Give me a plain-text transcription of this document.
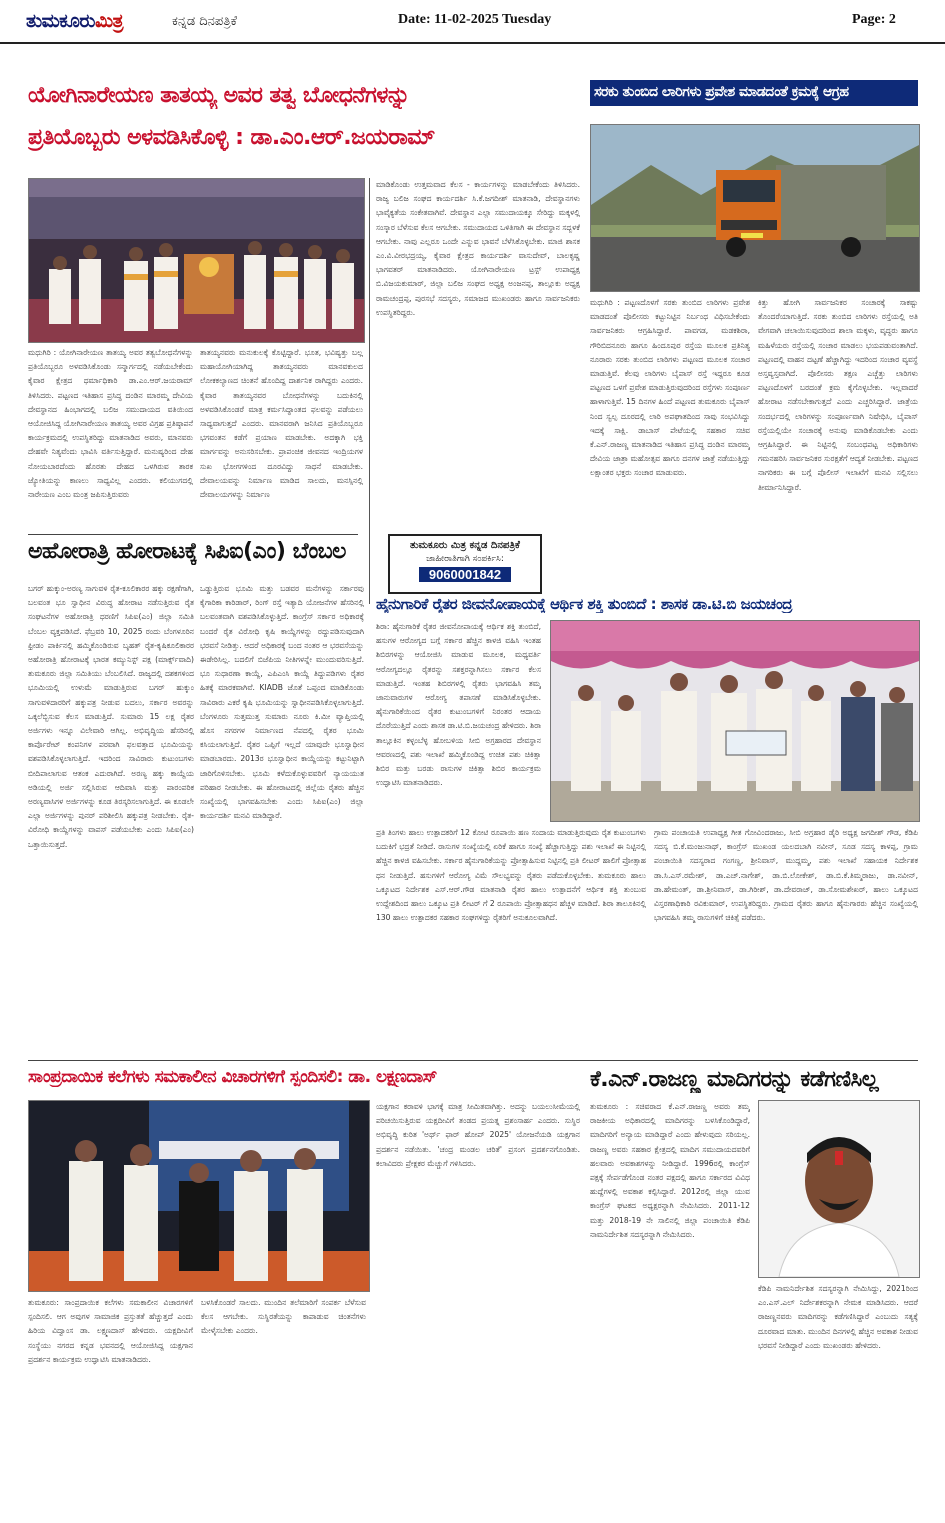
ತುಮಕೂರುಮಿತ್ರ	ಕನ್ನಡ ದಿನಪತ್ರಿಕೆ	Date: 11-02-2025 Tuesday	Page: 2
ಯೋಗಿನಾರೇಯಣ ತಾತಯ್ಯ ಅವರ ತತ್ವ ಬೋಧನೆಗಳನ್ನು
ಪ್ರತಿಯೊಬ್ಬರು ಅಳವಡಿಸಿಕೊಳ್ಳಿ : ಡಾ.ಎಂ.ಆರ್.ಜಯರಾಮ್
ಮಧುಗಿರಿ : ಯೋಗಿನಾರೇಯಣ ತಾತಯ್ಯ ಅವರ ತತ್ವಬೋಧನೆಗಳನ್ನು ಪ್ರತಿಯೊಬ್ಬರೂ ಅಳವಡಿಸಿಕೊಂಡು ಸನ್ಮಾರ್ಗದಲ್ಲಿ ನಡೆಯಬೇಕೆಂದು ಕೈವಾರ ಕ್ಷೇತ್ರದ ಧರ್ಮಾಧಿಕಾರಿ ಡಾ.ಎಂ.ಆರ್.ಜಯರಾಮ್ ತಿಳಿಸಿದರು. ಪಟ್ಟಣದ ಇತಿಹಾಸ ಪ್ರಸಿದ್ಧ ದಂಡಿನ ಮಾರಮ್ಮ ದೇವಿಯ ದೇವಸ್ಥಾನದ ಹಿಂಭಾಗದಲ್ಲಿ ಬಲಿಜ ಸಮುದಾಯದ ವತಿಯಿಂದ ಆಯೋಜಿಸಿದ್ದ ಯೋಗಿನಾರೇಯಣ ತಾತಯ್ಯ ಅವರ ವಿಗ್ರಹ ಪ್ರತಿಷ್ಠಾಪನೆ ಕಾರ್ಯಕ್ರಮದಲ್ಲಿ ಉಪಸ್ಥಿತರಿದ್ದು ಮಾತನಾಡಿದ ಅವರು, ಮಾನವರು ದೇಹವೇ ನಿತ್ಯವೆಂದು ಭಾವಿಸಿ ವರ್ತಿಸುತ್ತಿದ್ದಾರೆ. ಮನುಷ್ಯರಿಂದ ದೇಹ ನೋಯಬಾರದೆಂದು ಹೊರತು ದೇಹದ ಒಳಗಿರುವ ತಾರಕ ಜ್ಯೋತಿಯನ್ನು ಕಾಣಲು ಸಾಧ್ಯವಿಲ್ಲ ಎಂದರು. ಕಲಿಯುಗದಲ್ಲಿ ನಾರೇಯಣ ಎಂಬ ಮಂತ್ರ ಜಪಿಸುತ್ತಿರುವರು
ತಾತಯ್ಯನವರು ಮನುಕುಲಕ್ಕೆ ಕೊಟ್ಟಿದ್ದಾರೆ. ಭೂತ, ಭವಿಷ್ಯತ್ತು ಬಲ್ಲ ಮಹಾಯೋಗಿಯಾಗಿದ್ದ ತಾತಯ್ಯನವರು ಮಾನವಕುಲದ ಲೋಕಕಲ್ಯಾಣದ ಚಿಂತನೆ ಹೊಂದಿದ್ದ ದಾರ್ಶನಿಕ ರಾಗಿದ್ದರು ಎಂದರು. ಕೈವಾರ ತಾತಯ್ಯನವರ ಬೋಧನೆಗಳನ್ನು ಬದುಕಿನಲ್ಲಿ ಅಳವಡಿಸಿಕೊಂಡರೆ ಮಾತ್ರ ಕರ್ಮಸಿದ್ಧಾಂತದ ಫಲವನ್ನು ಪಡೆಯಲು ಸಾಧ್ಯವಾಗುತ್ತದೆ ಎಂದರು. ಮಾನವರಾಗಿ ಜನಿಸಿದ ಪ್ರತಿಯೊಬ್ಬರೂ ಭಗವಂತನ ಕಡೆಗೆ ಪ್ರಯಾಣ ಮಾಡಬೇಕು. ಅದಕ್ಕಾಗಿ ಭಕ್ತಿ ಮಾರ್ಗವನ್ನು ಅನುಸರಿಸಬೇಕು. ಪ್ರಾಪಂಚಿಕ ಜೀವನದ ಇಂದ್ರಿಯಗಳ ಸುಖ ಭೋಗಗಳಿಂದ ದೂರವಿದ್ದು ಸಾಧನೆ ಮಾಡಬೇಕು. ದೇವಾಲಯವನ್ನು ನಿರ್ಮಾಣ ಮಾಡಿದ ಸಾಲದು, ಮನಸ್ಸಿನಲ್ಲಿ ದೇವಾಲಯಗಳನ್ನು ನಿರ್ಮಾಣ
ಮಾಡಿಕೊಂಡು ಉತ್ತಮವಾದ ಕೆಲಸ - ಕಾರ್ಯಗಳನ್ನು ಮಾಡಬೇಕೆಂದು ತಿಳಿಸಿದರು. ರಾಜ್ಯ ಬಲಿಜ ಸಂಘದ ಕಾರ್ಯದರ್ಶಿ ಸಿ.ಕೆ.ಜಗದೀಶ್ ಮಾತನಾಡಿ, ದೇವಸ್ಥಾನಗಳು ಭಾವೈಕ್ಯತೆಯ ಸಂಕೇತವಾಗಿವೆ. ದೇವಸ್ಥಾನ ಎಲ್ಲಾ ಸಮುದಾಯಕ್ಕೂ ಸೇರಿದ್ದು ಮಕ್ಕಳಲ್ಲಿ ಸಂಸ್ಕಾರ ಬೆಳೆಸುವ ಕೆಲಸ ಆಗಬೇಕು. ಸಮುದಾಯದ ಒಳಿತಿಗಾಗಿ ಈ ದೇವಸ್ಥಾನ ಸದ್ಬಳಕೆ ಆಗಬೇಕು. ನಾವು ಎಲ್ಲರೂ ಒಂದೇ ಎನ್ನುವ ಭಾವನೆ ಬೆಳೆಸಿಕೊಳ್ಳಬೇಕು. ಮಾಜಿ ಶಾಸಕ ಎಂ.ವಿ.ವೀರಭದ್ರಯ್ಯ, ಕೈವಾರ ಕ್ಷೇತ್ರದ ಕಾರ್ಯದರ್ಶಿ ವಾಸುದೇವ್, ಬಾಲಕೃಷ್ಣ ಭಾಗವತರ್ ಮಾತನಾಡಿದರು. ಯೋಗಿನಾರೇಯಣ ಟ್ರಸ್ಟ್ ಉಪಾಧ್ಯಕ್ಷ ಬಿ.ವಿಜಯಕುಮಾರ್, ಜಿಲ್ಲಾ ಬಲಿಜ ಸಂಘದ ಅಧ್ಯಕ್ಷ ಅಂಜನಪ್ಪ, ತಾಲ್ಲೂಕು ಅಧ್ಯಕ್ಷ ರಾಮಚಂದ್ರಪ್ಪ, ಪುರಸಭೆ ಸದಸ್ಯರು, ಸಮಾಜದ ಮುಖಂಡರು ಹಾಗೂ ಸಾರ್ವಜನಿಕರು ಉಪಸ್ಥಿತರಿದ್ದರು.
ಸರಕು ತುಂಬಿದ ಲಾರಿಗಳು ಪ್ರವೇಶ ಮಾಡದಂತೆ ಕ್ರಮಕ್ಕೆ ಆಗ್ರಹ
ಮಧುಗಿರಿ : ಪಟ್ಟಣದೊಳಗೆ ಸರಕು ತುಂಬಿದ ಲಾರಿಗಳು ಪ್ರವೇಶ ಮಾಡದಂತೆ ಪೊಲೀಸರು ಕಟ್ಟುನಿಟ್ಟಿನ ನಿರ್ಬಂಧ ವಿಧಿಸಬೇಕೆಂದು ಸಾರ್ವಜನಿಕರು ಆಗ್ರಹಿಸಿದ್ದಾರೆ. ಪಾವಗಡ, ಮಡಕಶಿರಾ, ಗೌರಿಬಿದನೂರು ಹಾಗೂ ಹಿಂದೂಪುರ ರಸ್ತೆಯ ಮೂಲಕ ಪ್ರತಿನಿತ್ಯ ನೂರಾರು ಸರಕು ತುಂಬಿದ ಲಾರಿಗಳು ಪಟ್ಟಣದ ಮೂಲಕ ಸಂಚಾರ ಮಾಡುತ್ತಿವೆ. ಕೆಲವು ಲಾರಿಗಳು ಬೈಪಾಸ್ ರಸ್ತೆ ಇದ್ದರೂ ಕೂಡ ಪಟ್ಟಣದ ಒಳಗೆ ಪ್ರವೇಶ ಮಾಡುತ್ತಿರುವುದರಿಂದ ರಸ್ತೆಗಳು ಸಂಪೂರ್ಣ ಹಾಳಾಗುತ್ತಿವೆ. 15 ದಿನಗಳ ಹಿಂದೆ ಪಟ್ಟಣದ ತುಮಕೂರು ಬೈಪಾಸ್ ನಿಂದ ಸ್ವಲ್ಪ ದೂರದಲ್ಲಿ ಲಾರಿ ಅಪಘಾತದಿಂದ ಸಾವು ಸಂಭವಿಸಿದ್ದು ಇದಕ್ಕೆ ಸಾಕ್ಷಿ. ಡಾಬಾಸ್ ಪೇಟೆಯಲ್ಲಿ ಸಹಕಾರ ಸಚಿವ ಕೆ.ಎನ್.ರಾಜಣ್ಣ ಮಾತನಾಡಿದ ಇತಿಹಾಸ ಪ್ರಸಿದ್ಧ ದಂಡಿನ ಮಾರಮ್ಮ ದೇವಿಯ ಜಾತ್ರಾ ಮಹೋತ್ಸವ ಹಾಗೂ ದನಗಳ ಜಾತ್ರೆ ನಡೆಯುತ್ತಿದ್ದು ಲಕ್ಷಾಂತರ ಭಕ್ತರು ಸಂಚಾರ ಮಾಡುವರು.
ಕಿತ್ತು ಹೋಗಿ ಸಾರ್ವಜನಿಕರ ಸಂಚಾರಕ್ಕೆ ಸಾಕಷ್ಟು ತೊಂದರೆಯಾಗುತ್ತಿದೆ. ಸರಕು ತುಂಬಿದ ಲಾರಿಗಳು ರಸ್ತೆಯಲ್ಲಿ ಅತಿ ವೇಗವಾಗಿ ಚಲಾಯಿಸುವುದರಿಂದ ಶಾಲಾ ಮಕ್ಕಳು, ವೃದ್ಧರು ಹಾಗೂ ಮಹಿಳೆಯರು ರಸ್ತೆಯಲ್ಲಿ ಸಂಚಾರ ಮಾಡಲು ಭಯಪಡುವಂತಾಗಿದೆ. ಪಟ್ಟಣದಲ್ಲಿ ವಾಹನ ದಟ್ಟಣೆ ಹೆಚ್ಚಾಗಿದ್ದು ಇದರಿಂದ ಸಂಚಾರ ವ್ಯವಸ್ಥೆ ಅಸ್ತವ್ಯಸ್ತವಾಗಿದೆ. ಪೊಲೀಸರು ತಕ್ಷಣ ಎಚ್ಚೆತ್ತು ಲಾರಿಗಳು ಪಟ್ಟಣದೊಳಗೆ ಬರದಂತೆ ಕ್ರಮ ಕೈಗೊಳ್ಳಬೇಕು. ಇಲ್ಲವಾದರೆ ಹೋರಾಟ ನಡೆಸಬೇಕಾಗುತ್ತದೆ ಎಂದು ಎಚ್ಚರಿಸಿದ್ದಾರೆ. ಜಾತ್ರೆಯ ಸಂದರ್ಭದಲ್ಲಿ ಲಾರಿಗಳನ್ನು ಸಂಪೂರ್ಣವಾಗಿ ನಿಷೇಧಿಸಿ, ಬೈಪಾಸ್ ರಸ್ತೆಯಲ್ಲಿಯೇ ಸಂಚಾರಕ್ಕೆ ಅನುವು ಮಾಡಿಕೊಡಬೇಕು ಎಂದು ಆಗ್ರಹಿಸಿದ್ದಾರೆ. ಈ ನಿಟ್ಟಿನಲ್ಲಿ ಸಂಬಂಧಪಟ್ಟ ಅಧಿಕಾರಿಗಳು ಗಮನಹರಿಸಿ ಸಾರ್ವಜನಿಕರ ಸುರಕ್ಷತೆಗೆ ಆದ್ಯತೆ ನೀಡಬೇಕು. ಪಟ್ಟಣದ ನಾಗರಿಕರು ಈ ಬಗ್ಗೆ ಪೊಲೀಸ್ ಇಲಾಖೆಗೆ ಮನವಿ ಸಲ್ಲಿಸಲು ತೀರ್ಮಾನಿಸಿದ್ದಾರೆ.
ಅಹೋರಾತ್ರಿ ಹೋರಾಟಕ್ಕೆ ಸಿಪಿಐ(ಎಂ) ಬೆಂಬಲ
ಬಗರ್ ಹುಕ್ಕುಂ-ಅರಣ್ಯ ಸಾಗುವಳಿ ರೈತ-ಕೂಲಿಕಾರರ ಹಕ್ಕು ರಕ್ಷಣೆಗಾಗಿ, ಬಲವಂತ ಭೂ ಸ್ವಾಧೀನ ವಿರುದ್ಧ ಹೋರಾಟ ನಡೆಸುತ್ತಿರುವ ರೈತ ಸಂಘಟನೆಗಳ ಅಹೋರಾತ್ರಿ ಧರಣಿಗೆ ಸಿಪಿಐ(ಎಂ) ಜಿಲ್ಲಾ ಸಮಿತಿ ಬೆಂಬಲ ವ್ಯಕ್ತಪಡಿಸಿದೆ. ಫೆಬ್ರವರಿ 10, 2025 ರಂದು ಬೆಂಗಳೂರಿನ ಫ್ರೀಡಂ ಪಾರ್ಕಿನಲ್ಲಿ ಹಮ್ಮಿಕೊಂಡಿರುವ ಬೃಹತ್ ರೈತ-ಕೃಷಿಕೂಲಿಕಾರರ ಅಹೋರಾತ್ರಿ ಹೋರಾಟಕ್ಕೆ ಭಾರತ ಕಮ್ಯುನಿಸ್ಟ್ ಪಕ್ಷ (ಮಾರ್ಕ್ಸ್‌ವಾದಿ) ತುಮಕೂರು ಜಿಲ್ಲಾ ಸಮಿತಿಯು ಬೆಂಬಲಿಸಿದೆ. ರಾಜ್ಯದಲ್ಲಿ ದಶಕಗಳಿಂದ ಭೂಮಿಯಲ್ಲಿ ಉಳುಮೆ ಮಾಡುತ್ತಿರುವ ಬಗರ್ ಹುಕ್ಕುಂ ಸಾಗುವಳಿದಾರರಿಗೆ ಹಕ್ಕುಪತ್ರ ನೀಡುವ ಬದಲು, ಸರ್ಕಾರ ಅವರನ್ನು ಒಕ್ಕಲೆಬ್ಬಿಸುವ ಕೆಲಸ ಮಾಡುತ್ತಿದೆ. ಸುಮಾರು 15 ಲಕ್ಷ ರೈತರ ಅರ್ಜಿಗಳು ಇನ್ನೂ ವಿಲೇವಾರಿ ಆಗಿಲ್ಲ. ಅಭಿವೃದ್ಧಿಯ ಹೆಸರಿನಲ್ಲಿ ಕಾರ್ಪೊರೇಟ್ ಕಂಪನಿಗಳ ಪರವಾಗಿ ಫಲವತ್ತಾದ ಭೂಮಿಯನ್ನು ವಶಪಡಿಸಿಕೊಳ್ಳಲಾಗುತ್ತಿದೆ. ಇದರಿಂದ ಸಾವಿರಾರು ಕುಟುಂಬಗಳು ಬೀದಿಪಾಲಾಗುವ ಆತಂಕ ಎದುರಾಗಿದೆ. ಅರಣ್ಯ ಹಕ್ಕು ಕಾಯ್ದೆಯ ಅಡಿಯಲ್ಲಿ ಅರ್ಜಿ ಸಲ್ಲಿಸಿರುವ ಆದಿವಾಸಿ ಮತ್ತು ಪಾರಂಪರಿಕ ಅರಣ್ಯವಾಸಿಗಳ ಅರ್ಜಿಗಳನ್ನು ಕೂಡ ತಿರಸ್ಕರಿಸಲಾಗುತ್ತಿದೆ. ಈ ಕೂಡಲೇ ಎಲ್ಲಾ ಅರ್ಜಿಗಳನ್ನು ಪುನರ್ ಪರಿಶೀಲಿಸಿ ಹಕ್ಕುಪತ್ರ ನೀಡಬೇಕು. ರೈತ-ವಿರೋಧಿ ಕಾಯ್ದೆಗಳನ್ನು ವಾಪಸ್ ಪಡೆಯಬೇಕು ಎಂದು ಸಿಪಿಐ(ಎಂ) ಒತ್ತಾಯಿಸುತ್ತದೆ.
ಒಡ್ಡುತ್ತಿರುವ ಭೂಮಿ ಮತ್ತು ಬಡವರ ಮನೆಗಳನ್ನು ಸರ್ಕಾರವು ಕೈಗಾರಿಕಾ ಕಾರಿಡಾರ್, ರಿಂಗ್ ರಸ್ತೆ ಇತ್ಯಾದಿ ಯೋಜನೆಗಳ ಹೆಸರಿನಲ್ಲಿ ಬಲವಂತವಾಗಿ ವಶಪಡಿಸಿಕೊಳ್ಳುತ್ತಿದೆ. ಕಾಂಗ್ರೆಸ್ ಸರ್ಕಾರ ಅಧಿಕಾರಕ್ಕೆ ಬಂದರೆ ರೈತ ವಿರೋಧಿ ಕೃಷಿ ಕಾಯ್ದೆಗಳನ್ನು ರದ್ದುಪಡಿಸುವುದಾಗಿ ಭರವಸೆ ನೀಡಿತ್ತು. ಆದರೆ ಅಧಿಕಾರಕ್ಕೆ ಬಂದ ನಂತರ ಆ ಭರವಸೆಯನ್ನು ಈಡೇರಿಸಿಲ್ಲ. ಬದಲಿಗೆ ಬಿಜೆಪಿಯ ನೀತಿಗಳನ್ನೇ ಮುಂದುವರಿಸುತ್ತಿದೆ. ಭೂ ಸುಧಾರಣಾ ಕಾಯ್ದೆ, ಎಪಿಎಂಸಿ ಕಾಯ್ದೆ ತಿದ್ದುಪಡಿಗಳು ರೈತರ ಹಿತಕ್ಕೆ ಮಾರಕವಾಗಿವೆ. KIADB ಜೊತೆ ಒಪ್ಪಂದ ಮಾಡಿಕೊಂಡು ಸಾವಿರಾರು ಎಕರೆ ಕೃಷಿ ಭೂಮಿಯನ್ನು ಸ್ವಾಧೀನಪಡಿಸಿಕೊಳ್ಳಲಾಗುತ್ತಿದೆ. ಬೆಂಗಳೂರು ಸುತ್ತಮುತ್ತ ಸುಮಾರು ನೂರು ಕಿ.ಮೀ ವ್ಯಾಪ್ತಿಯಲ್ಲಿ ಹೊಸ ನಗರಗಳ ನಿರ್ಮಾಣದ ನೆಪದಲ್ಲಿ ರೈತರ ಭೂಮಿ ಕಸಿಯಲಾಗುತ್ತಿದೆ. ರೈತರ ಒಪ್ಪಿಗೆ ಇಲ್ಲದೆ ಯಾವುದೇ ಭೂಸ್ವಾಧೀನ ಮಾಡಬಾರದು. 2013ರ ಭೂಸ್ವಾಧೀನ ಕಾಯ್ದೆಯನ್ನು ಕಟ್ಟುನಿಟ್ಟಾಗಿ ಜಾರಿಗೊಳಿಸಬೇಕು. ಭೂಮಿ ಕಳೆದುಕೊಳ್ಳುವವರಿಗೆ ನ್ಯಾಯಯುತ ಪರಿಹಾರ ನೀಡಬೇಕು. ಈ ಹೋರಾಟದಲ್ಲಿ ಜಿಲ್ಲೆಯ ರೈತರು ಹೆಚ್ಚಿನ ಸಂಖ್ಯೆಯಲ್ಲಿ ಭಾಗವಹಿಸಬೇಕು ಎಂದು ಸಿಪಿಐ(ಎಂ) ಜಿಲ್ಲಾ ಕಾರ್ಯದರ್ಶಿ ಮನವಿ ಮಾಡಿದ್ದಾರೆ.
ತುಮಕೂರು ಮಿತ್ರ ಕನ್ನಡ ದಿನಪತ್ರಿಕೆ
ಜಾಹೀರಾತಿಗಾಗಿ ಸಂಪರ್ಕಿಸಿ:
9060001842
ಹೈನುಗಾರಿಕೆ ರೈತರ ಜೀವನೋಪಾಯಕ್ಕೆ ಆರ್ಥಿಕ ಶಕ್ತಿ ತುಂಬಿದೆ : ಶಾಸಕ ಡಾ.ಟಿ.ಬಿ ಜಯಚಂದ್ರ
ಶಿರಾ: ಹೈನುಗಾರಿಕೆ ರೈತರ ಜೀವನೋಪಾಯಕ್ಕೆ ಆರ್ಥಿಕ ಶಕ್ತಿ ತುಂಬಿದೆ, ಹಸುಗಳ ಆರೋಗ್ಯದ ಬಗ್ಗೆ ಸರ್ಕಾರ ಹೆಚ್ಚಿನ ಕಾಳಜಿ ವಹಿಸಿ ಇಂತಹ ಶಿಬಿರಗಳನ್ನು ಆಯೋಜಿಸಿ ಮಾಡುವ ಮೂಲಕ, ಮಧ್ಯವರ್ತಿ ಆರೋಗ್ಯದಲ್ಲೂ ರೈತರನ್ನು ಸಶಕ್ತರನ್ನಾಗಿಸಲು ಸರ್ಕಾರ ಕೆಲಸ ಮಾಡುತ್ತಿದೆ. ಇಂತಹ ಶಿಬಿರಗಳಲ್ಲಿ ರೈತರು ಭಾಗವಹಿಸಿ ತಮ್ಮ ಜಾನುವಾರುಗಳ ಆರೋಗ್ಯ ತಪಾಸಣೆ ಮಾಡಿಸಿಕೊಳ್ಳಬೇಕು. ಹೈನುಗಾರಿಕೆಯಿಂದ ರೈತರ ಕುಟುಂಬಗಳಿಗೆ ನಿರಂತರ ಆದಾಯ ದೊರೆಯುತ್ತಿದೆ ಎಂದು ಶಾಸಕ ಡಾ.ಟಿ.ಬಿ.ಜಯಚಂದ್ರ ಹೇಳಿದರು. ಶಿರಾ ತಾಲ್ಲೂಕಿನ ಕಳ್ಳಂಬೆಳ್ಳ ಹೋಬಳಿಯ ಸೀಬಿ ಅಗ್ರಹಾರದ ದೇವಸ್ಥಾನ ಆವರಣದಲ್ಲಿ ಪಶು ಇಲಾಖೆ ಹಮ್ಮಿಕೊಂಡಿದ್ದ ಉಚಿತ ಪಶು ಚಿಕಿತ್ಸಾ ಶಿಬಿರ ಮತ್ತು ಬರಡು ರಾಸುಗಳ ಚಿಕಿತ್ಸಾ ಶಿಬಿರ ಕಾರ್ಯಕ್ರಮ ಉದ್ಘಾಟಿಸಿ ಮಾತನಾಡಿದರು.
ಪ್ರತಿ ತಿಂಗಳು ಹಾಲು ಉತ್ಪಾದಕರಿಗೆ 12 ಕೋಟಿ ರೂಪಾಯಿ ಹಣ ಸಂದಾಯ ಮಾಡುತ್ತಿರುವುದು ರೈತ ಕುಟುಂಬಗಳು ಬದುಕಿಗೆ ಭದ್ರತೆ ನೀಡಿದೆ. ರಾಸುಗಳ ಸಂಖ್ಯೆಯಲ್ಲಿ ಏರಿಕೆ ಹಾಗೂ ಸಂಖ್ಯೆ ಹೆಚ್ಚಾಗುತ್ತಿದ್ದು ಪಶು ಇಲಾಖೆ ಈ ನಿಟ್ಟಿನಲ್ಲಿ ಹೆಚ್ಚಿನ ಕಾಳಜಿ ವಹಿಸಬೇಕು. ಸರ್ಕಾರ ಹೈನುಗಾರಿಕೆಯನ್ನು ಪ್ರೋತ್ಸಾಹಿಸುವ ನಿಟ್ಟಿನಲ್ಲಿ ಪ್ರತಿ ಲೀಟರ್ ಹಾಲಿಗೆ ಪ್ರೋತ್ಸಾಹ ಧನ ನೀಡುತ್ತಿದೆ. ಹಸುಗಳಿಗೆ ಆರೋಗ್ಯ ವಿಮೆ ಸೌಲಭ್ಯವನ್ನು ರೈತರು ಪಡೆದುಕೊಳ್ಳಬೇಕು. ತುಮಕೂರು ಹಾಲು ಒಕ್ಕೂಟದ ನಿರ್ದೇಶಕ ಎಸ್.ಆರ್.ಗೌಡ ಮಾತನಾಡಿ ರೈತರ ಹಾಲು ಉತ್ಪಾದನೆಗೆ ಆರ್ಥಿಕ ಶಕ್ತಿ ತುಂಬುವ ಉದ್ದೇಶದಿಂದ ಹಾಲು ಒಕ್ಕೂಟ ಪ್ರತಿ ಲೀಟರ್ ಗೆ 2 ರೂಪಾಯಿ ಪ್ರೋತ್ಸಾಹಧನ ಹೆಚ್ಚಳ ಮಾಡಿದೆ. ಶಿರಾ ತಾಲೂಕಿನಲ್ಲಿ 130 ಹಾಲು ಉತ್ಪಾದಕರ ಸಹಕಾರ ಸಂಘಗಳಿದ್ದು ರೈತರಿಗೆ ಅನುಕೂಲವಾಗಿದೆ.
ಗ್ರಾಮ ಪಂಚಾಯತಿ ಉಪಾಧ್ಯಕ್ಷ ಗೀತ ಗೋವಿಂದರಾಜು, ಸೀಬಿ ಅಗ್ರಹಾರ ಡೈರಿ ಅಧ್ಯಕ್ಷ ಜಗದೀಶ್ ಗೌಡ, ಕೆಡಿಪಿ ಸದಸ್ಯ ಬಿ.ಕೆ.ಮಂಜುನಾಥ್, ಕಾಂಗ್ರೆಸ್ ಮುಖಂಡ ಯಲದಬಾಗಿ ನವೀನ್, ಸೂಡ ಸದಸ್ಯ ಕಾಳಪ್ಪ, ಗ್ರಾಮ ಪಂಚಾಯಿತಿ ಸದಸ್ಯರಾದ ಗಂಗಣ್ಣ, ಶ್ರೀನಿವಾಸ್, ಮುದ್ದಮ್ಮ, ಪಶು ಇಲಾಖೆ ಸಹಾಯಕ ನಿರ್ದೇಶಕ ಡಾ.ಸಿ.ಎಸ್.ರಮೇಶ್, ಡಾ.ಎಚ್.ನಾಗೇಶ್, ಡಾ.ಬಿ.ಲೋಕೇಶ್, ಡಾ.ಬಿ.ಕೆ.ತಿಮ್ಮರಾಜು, ಡಾ.ನವೀನ್, ಡಾ.ಹೇಮಂತ್, ಡಾ.ಶ್ರೀನಿವಾಸ್, ಡಾ.ಗಿರೀಶ್, ಡಾ.ದೇವರಾಜ್, ಡಾ.ಸೋಮಶೇಖರ್, ಹಾಲು ಒಕ್ಕೂಟದ ವಿಸ್ತರಣಾಧಿಕಾರಿ ರವಿಕುಮಾರ್, ಉಪಸ್ಥಿತರಿದ್ದರು. ಗ್ರಾಮದ ರೈತರು ಹಾಗೂ ಹೈನುಗಾರರು ಹೆಚ್ಚಿನ ಸಂಖ್ಯೆಯಲ್ಲಿ ಭಾಗವಹಿಸಿ ತಮ್ಮ ರಾಸುಗಳಿಗೆ ಚಿಕಿತ್ಸೆ ಪಡೆದರು.
ಸಾಂಪ್ರದಾಯಿಕ ಕಲೆಗಳು ಸಮಕಾಲೀನ ವಿಚಾರಗಳಿಗೆ ಸ್ಪಂದಿಸಲಿ: ಡಾ. ಲಕ್ಷ್ಮಣದಾಸ್
ತುಮಕೂರು: ಸಾಂಪ್ರದಾಯಿಕ ಕಲೆಗಳು ಸಮಕಾಲೀನ ವಿಚಾರಗಳಿಗೆ ಸ್ಪಂದಿಸಲಿ. ಆಗ ಅವುಗಳ ಸಾಮಾಜಿಕ ಪ್ರಸ್ತುತತೆ ಹೆಚ್ಚುತ್ತದೆ ಎಂದು ಹಿರಿಯ ವಿದ್ವಾಂಸ ಡಾ. ಲಕ್ಷ್ಮಣದಾಸ್ ಹೇಳಿದರು. ಯಕ್ಷದೀವಿಗೆ ಸಂಸ್ಥೆಯು ನಗರದ ಕನ್ನಡ ಭವನದಲ್ಲಿ ಆಯೋಜಿಸಿದ್ದ ಯಕ್ಷಗಾನ ಪ್ರದರ್ಶನ ಕಾರ್ಯಕ್ರಮ ಉದ್ಘಾಟಿಸಿ ಮಾತನಾಡಿದರು.
ಬಳಸಿಕೊಂಡರೆ ಸಾಲದು. ಮುಂದಿನ ತಲೆಮಾರಿಗೆ ಸಂಪರ್ಕ ಬೆಳೆಸುವ ಕೆಲಸ ಆಗಬೇಕು. ಸುಸ್ಥಿರತೆಯನ್ನು ಕಾಪಾಡುವ ಚಿಂತನೆಗಳು ಮೇಳೈಸಬೇಕು ಎಂದರು.
ಯಕ್ಷಗಾನ ಕರಾವಳಿ ಭಾಗಕ್ಕೆ ಮಾತ್ರ ಸೀಮಿತವಾಗಿತ್ತು. ಅದನ್ನು ಬಯಲುಸೀಮೆಯಲ್ಲಿ ಪರಿಚಯಿಸುತ್ತಿರುವ ಯಕ್ಷದೀವಿಗೆ ತಂಡದ ಪ್ರಯತ್ನ ಪ್ರಶಂಸಾರ್ಹ ಎಂದರು. ಸುಸ್ಥಿರ ಅಭಿವೃದ್ಧಿ ಕುರಿತ 'ಅರ್ಥ್ ಫಾರ್ ಹೋಪ್ 2025' ಯೋಜನೆಯಡಿ ಯಕ್ಷಗಾನ ಪ್ರದರ್ಶನ ನಡೆಯಿತು. 'ಚಂದ್ರ ಮಂಡಲ ಚರಿತೆ' ಪ್ರಸಂಗ ಪ್ರದರ್ಶನಗೊಂಡಿತು. ಕಲಾವಿದರು ಪ್ರೇಕ್ಷಕರ ಮೆಚ್ಚುಗೆ ಗಳಿಸಿದರು.
ಕೆ.ಎನ್.ರಾಜಣ್ಣ ಮಾದಿಗರನ್ನು ಕಡೆಗಣಿಸಿಲ್ಲ
ತುಮಕೂರು : ಸಚಿವರಾದ ಕೆ.ಎನ್.ರಾಜಣ್ಣ ಅವರು ತಮ್ಮ ರಾಜಕೀಯ ಅಧಿಕಾರದಲ್ಲಿ ಮಾದಿಗರನ್ನು ಬಳಸಿಕೊಂಡಿದ್ದಾರೆ, ಮಾದಿಗರಿಗೆ ಅನ್ಯಾಯ ಮಾಡಿದ್ದಾರೆ ಎಂದು ಹೇಳುವುದು ಸರಿಯಲ್ಲ. ರಾಜಣ್ಣ ಅವರು ಸಹಕಾರ ಕ್ಷೇತ್ರದಲ್ಲಿ ಮಾದಿಗ ಸಮುದಾಯದವರಿಗೆ ಹಲವಾರು ಅವಕಾಶಗಳನ್ನು ನೀಡಿದ್ದಾರೆ. 1996ರಲ್ಲಿ ಕಾಂಗ್ರೆಸ್ ಪಕ್ಷಕ್ಕೆ ಸೇರ್ಪಡೆಗೊಂಡ ನಂತರ ಪಕ್ಷದಲ್ಲಿ ಹಾಗೂ ಸರ್ಕಾರದ ವಿವಿಧ ಹುದ್ದೆಗಳಲ್ಲಿ ಅವಕಾಶ ಕಲ್ಪಿಸಿದ್ದಾರೆ. 2012ರಲ್ಲಿ ಜಿಲ್ಲಾ ಯುವ ಕಾಂಗ್ರೆಸ್ ಘಟಕದ ಅಧ್ಯಕ್ಷರನ್ನಾಗಿ ನೇಮಿಸಿದರು. 2011-12 ಮತ್ತು 2018-19 ನೇ ಸಾಲಿನಲ್ಲಿ ಜಿಲ್ಲಾ ಪಂಚಾಯಿತಿ ಕೆಡಿಪಿ ನಾಮನಿರ್ದೇಶಿತ ಸದಸ್ಯರನ್ನಾಗಿ ನೇಮಿಸಿದರು.
ಕೆಡಿಪಿ ನಾಮನಿರ್ದೇಶಿತ ಸದಸ್ಯರನ್ನಾಗಿ ನೇಮಿಸಿದ್ದು, 2021ರಿಂದ ಎಂ.ಎಸ್.ಎಲ್ ನಿರ್ದೇಶಕರನ್ನಾಗಿ ನೇಮಕ ಮಾಡಿಸಿದರು. ಆದರೆ ರಾಜಣ್ಣನವರು ಮಾದಿಗರನ್ನು ಕಡೆಗಣಿಸಿದ್ದಾರೆ ಎಂಬುದು ಸತ್ಯಕ್ಕೆ ದೂರವಾದ ಮಾತು. ಮುಂದಿನ ದಿನಗಳಲ್ಲಿ ಹೆಚ್ಚಿನ ಅವಕಾಶ ನೀಡುವ ಭರವಸೆ ನೀಡಿದ್ದಾರೆ ಎಂದು ಮುಖಂಡರು ಹೇಳಿದರು.
